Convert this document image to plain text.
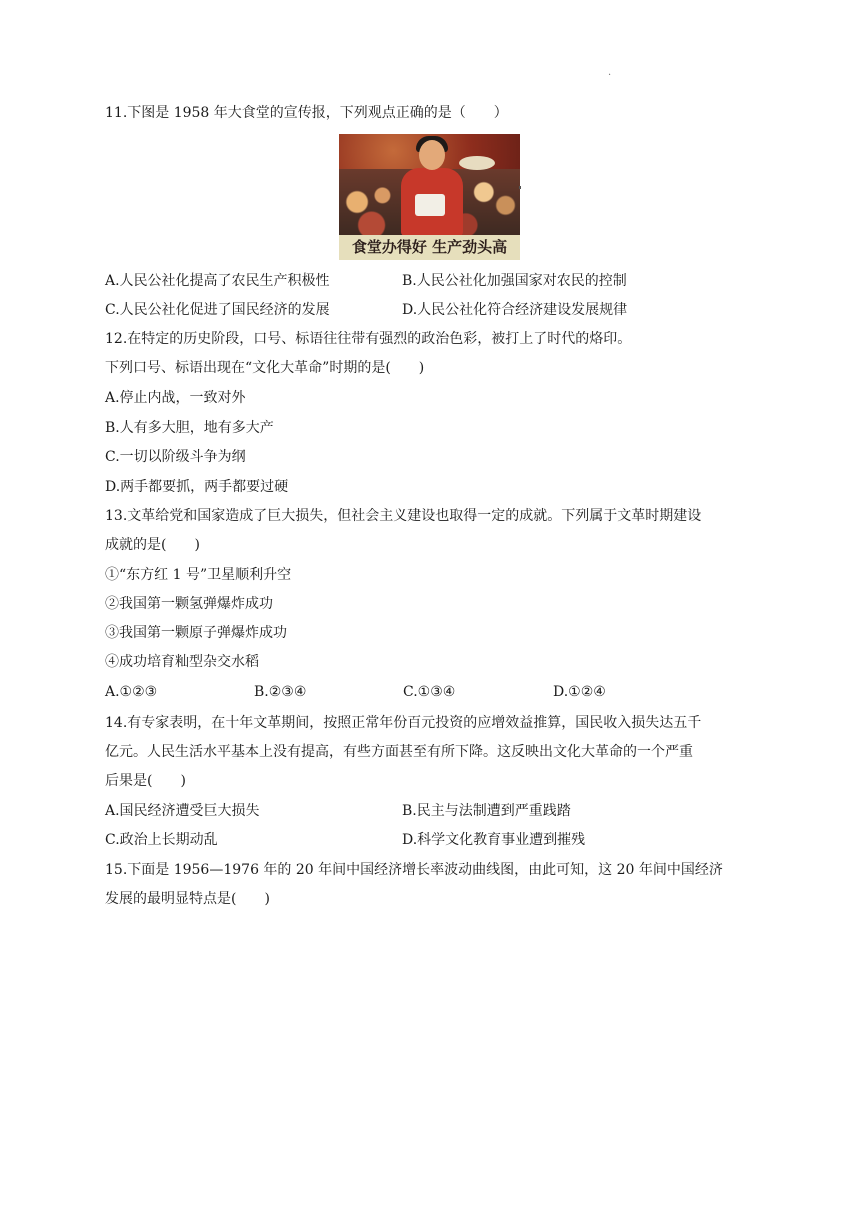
·
11.下图是 1958 年大食堂的宣传报，下列观点正确的是（　　）
食堂办得好 生产劲头高
A.人民公社化提高了农民生产积极性	B.人民公社化加强国家对农民的控制
C.人民公社化促进了国民经济的发展	D.人民公社化符合经济建设发展规律
12.在特定的历史阶段，口号、标语往往带有强烈的政治色彩，被打上了时代的烙印。
下列口号、标语出现在“文化大革命”时期的是(　　)
A.停止内战，一致对外
B.人有多大胆，地有多大产
C.一切以阶级斗争为纲
D.两手都要抓，两手都要过硬
13.文革给党和国家造成了巨大损失，但社会主义建设也取得一定的成就。下列属于文革时期建设
成就的是(　　)
①“东方红 1 号”卫星顺利升空
②我国第一颗氢弹爆炸成功
③我国第一颗原子弹爆炸成功
④成功培育籼型杂交水稻
A.①②③	B.②③④	C.①③④	D.①②④
14.有专家表明，在十年文革期间，按照正常年份百元投资的应增效益推算，国民收入损失达五千
亿元。人民生活水平基本上没有提高，有些方面甚至有所下降。这反映出文化大革命的一个严重
后果是(　　)
A.国民经济遭受巨大损失	B.民主与法制遭到严重践踏
C.政治上长期动乱	D.科学文化教育事业遭到摧残
15.下面是 1956—1976 年的 20 年间中国经济增长率波动曲线图，由此可知，这 20 年间中国经济
发展的最明显特点是(　　)
